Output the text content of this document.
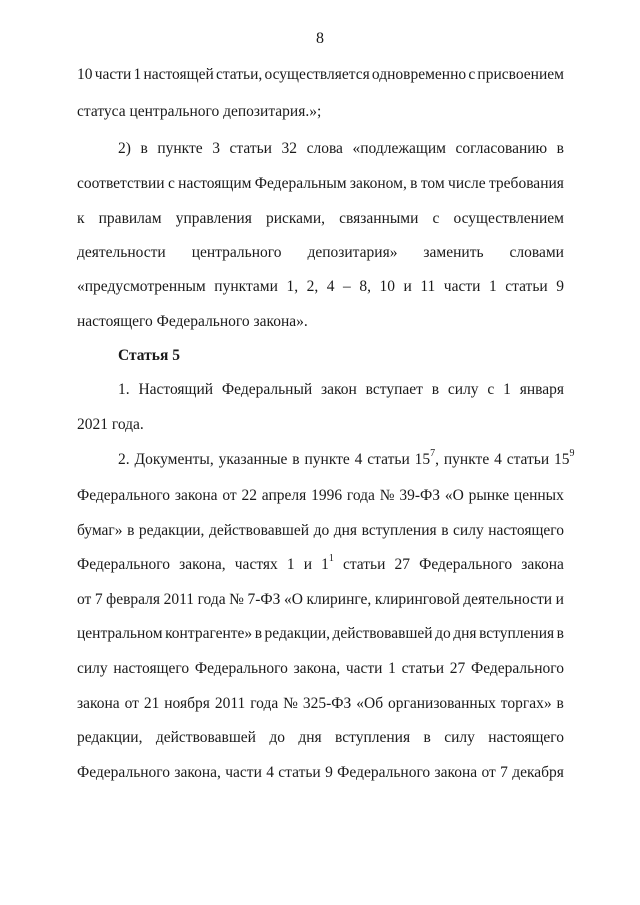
8
10 части 1 настоящей статьи, осуществляется одновременно с присвоением
статуса центрального депозитария.»;
2) в пункте 3 статьи 32 слова «подлежащим согласованию в
соответствии с настоящим Федеральным законом, в том числе требования
к правилам управления рисками, связанными с осуществлением
деятельности центрального депозитария» заменить словами
«предусмотренным пунктами 1, 2, 4 – 8, 10 и 11 части 1 статьи 9
настоящего Федерального закона».
Статья 5
1. Настоящий Федеральный закон вступает в силу с 1 января
2021 года.
2. Документы, указанные в пункте 4 статьи $15^7$, пункте 4 статьи $15^9$
Федерального закона от 22 апреля 1996 года № 39-ФЗ «О рынке ценных
бумаг» в редакции, действовавшей до дня вступления в силу настоящего
Федерального закона, частях 1 и $1^1$ статьи 27 Федерального закона
от 7 февраля 2011 года № 7-ФЗ «О клиринге, клиринговой деятельности и
центральном контрагенте» в редакции, действовавшей до дня вступления в
силу настоящего Федерального закона, части 1 статьи 27 Федерального
закона от 21 ноября 2011 года № 325-ФЗ «Об организованных торгах» в
редакции, действовавшей до дня вступления в силу настоящего
Федерального закона, части 4 статьи 9 Федерального закона от 7 декабря
